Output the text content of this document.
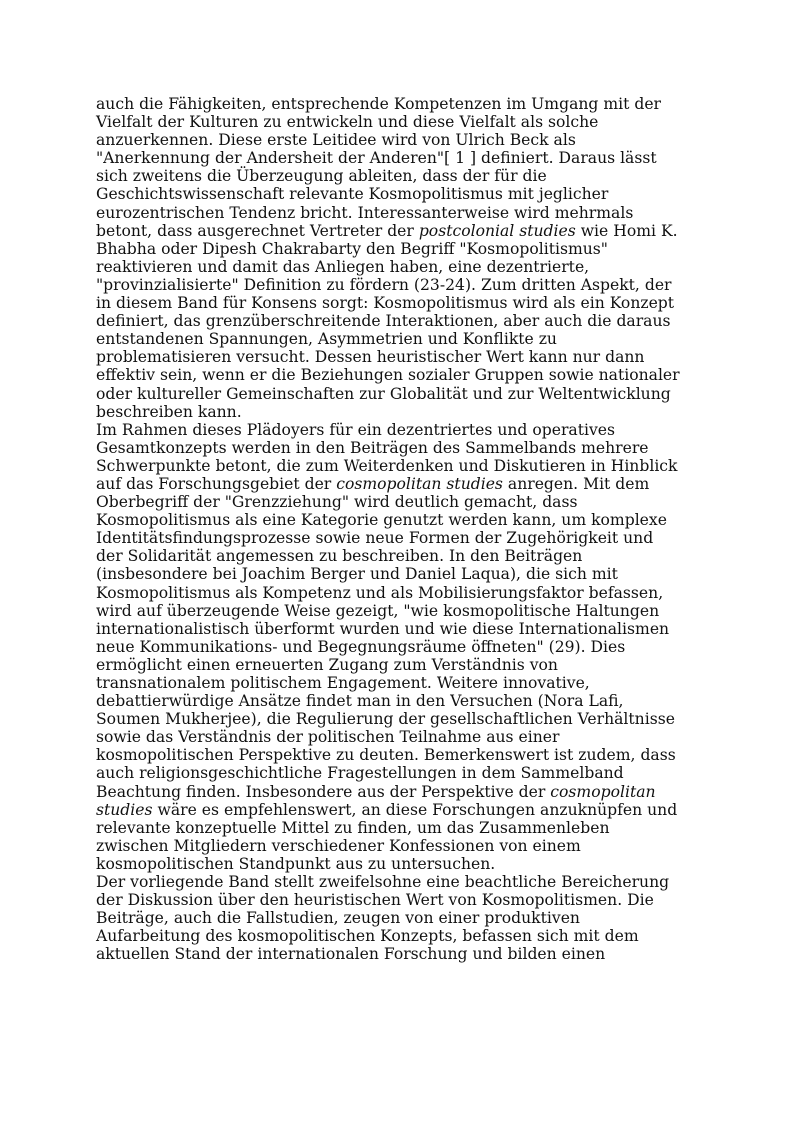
auch die Fähigkeiten, entsprechende Kompetenzen im Umgang mit der
Vielfalt der Kulturen zu entwickeln und diese Vielfalt als solche
anzuerkennen. Diese erste Leitidee wird von Ulrich Beck als
"Anerkennung der Andersheit der Anderen"[ 1 ] definiert. Daraus lässt
sich zweitens die Überzeugung ableiten, dass der für die
Geschichtswissenschaft relevante Kosmopolitismus mit jeglicher
eurozentrischen Tendenz bricht. Interessanterweise wird mehrmals
betont, dass ausgerechnet Vertreter der postcolonial studies wie Homi K.
Bhabha oder Dipesh Chakrabarty den Begriff "Kosmopolitismus"
reaktivieren und damit das Anliegen haben, eine dezentrierte,
"provinzialisierte" Definition zu fördern (23-24). Zum dritten Aspekt, der
in diesem Band für Konsens sorgt: Kosmopolitismus wird als ein Konzept
definiert, das grenzüberschreitende Interaktionen, aber auch die daraus
entstandenen Spannungen, Asymmetrien und Konflikte zu
problematisieren versucht. Dessen heuristischer Wert kann nur dann
effektiv sein, wenn er die Beziehungen sozialer Gruppen sowie nationaler
oder kultureller Gemeinschaften zur Globalität und zur Weltentwicklung
beschreiben kann.
Im Rahmen dieses Plädoyers für ein dezentriertes und operatives
Gesamtkonzepts werden in den Beiträgen des Sammelbands mehrere
Schwerpunkte betont, die zum Weiterdenken und Diskutieren in Hinblick
auf das Forschungsgebiet der cosmopolitan studies anregen. Mit dem
Oberbegriff der "Grenzziehung" wird deutlich gemacht, dass
Kosmopolitismus als eine Kategorie genutzt werden kann, um komplexe
Identitätsfindungsprozesse sowie neue Formen der Zugehörigkeit und
der Solidarität angemessen zu beschreiben. In den Beiträgen
(insbesondere bei Joachim Berger und Daniel Laqua), die sich mit
Kosmopolitismus als Kompetenz und als Mobilisierungsfaktor befassen,
wird auf überzeugende Weise gezeigt, "wie kosmopolitische Haltungen
internationalistisch überformt wurden und wie diese Internationalismen
neue Kommunikations- und Begegnungsräume öffneten" (29). Dies
ermöglicht einen erneuerten Zugang zum Verständnis von
transnationalem politischem Engagement. Weitere innovative,
debattierwürdige Ansätze findet man in den Versuchen (Nora Lafi,
Soumen Mukherjee), die Regulierung der gesellschaftlichen Verhältnisse
sowie das Verständnis der politischen Teilnahme aus einer
kosmopolitischen Perspektive zu deuten. Bemerkenswert ist zudem, dass
auch religionsgeschichtliche Fragestellungen in dem Sammelband
Beachtung finden. Insbesondere aus der Perspektive der cosmopolitan
studies wäre es empfehlenswert, an diese Forschungen anzuknüpfen und
relevante konzeptuelle Mittel zu finden, um das Zusammenleben
zwischen Mitgliedern verschiedener Konfessionen von einem
kosmopolitischen Standpunkt aus zu untersuchen.
Der vorliegende Band stellt zweifelsohne eine beachtliche Bereicherung
der Diskussion über den heuristischen Wert von Kosmopolitismen. Die
Beiträge, auch die Fallstudien, zeugen von einer produktiven
Aufarbeitung des kosmopolitischen Konzepts, befassen sich mit dem
aktuellen Stand der internationalen Forschung und bilden einen
